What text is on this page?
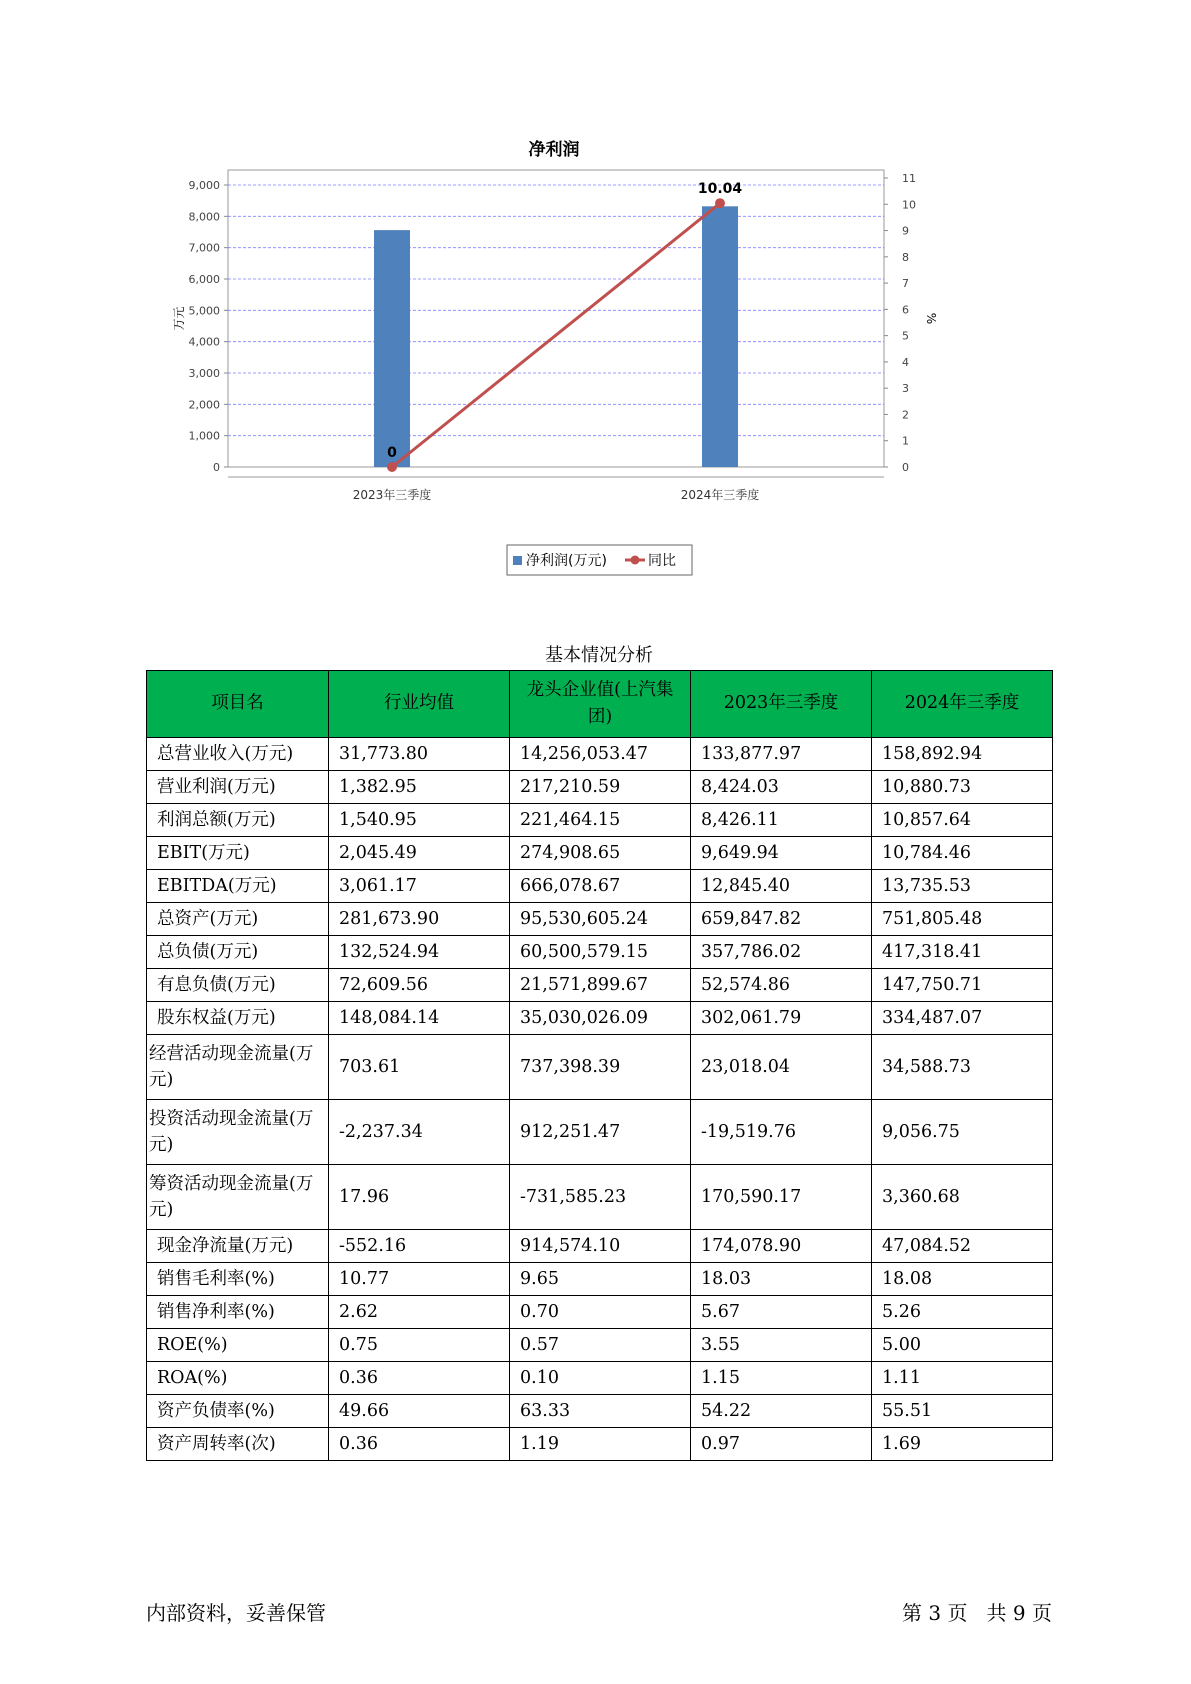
净利润
0
1,000
2,000
3,000
4,000
5,000
6,000
7,000
8,000
9,000
0
1
2
3
4
5
6
7
8
9
10
11
万元	%
2023年三季度	2024年三季度
0
10.04
净利润(万元)	同比
基本情况分析
项目名	行业均值	龙头企业值(上汽集团)	2023年三季度	2024年三季度
总营业收入(万元)	31,773.80	14,256,053.47	133,877.97	158,892.94
营业利润(万元)	1,382.95	217,210.59	8,424.03	10,880.73
利润总额(万元)	1,540.95	221,464.15	8,426.11	10,857.64
EBIT(万元)	2,045.49	274,908.65	9,649.94	10,784.46
EBITDA(万元)	3,061.17	666,078.67	12,845.40	13,735.53
总资产(万元)	281,673.90	95,530,605.24	659,847.82	751,805.48
总负债(万元)	132,524.94	60,500,579.15	357,786.02	417,318.41
有息负债(万元)	72,609.56	21,571,899.67	52,574.86	147,750.71
股东权益(万元)	148,084.14	35,030,026.09	302,061.79	334,487.07
经营活动现金流量(万元)	703.61	737,398.39	23,018.04	34,588.73
投资活动现金流量(万元)	-2,237.34	912,251.47	-19,519.76	9,056.75
筹资活动现金流量(万元)	17.96	-731,585.23	170,590.17	3,360.68
现金净流量(万元)	-552.16	914,574.10	174,078.90	47,084.52
销售毛利率(%)	10.77	9.65	18.03	18.08
销售净利率(%)	2.62	0.70	5.67	5.26
ROE(%)	0.75	0.57	3.55	5.00
ROA(%)	0.36	0.10	1.15	1.11
资产负债率(%)	49.66	63.33	54.22	55.51
资产周转率(次)	0.36	1.19	0.97	1.69
内部资料，妥善保管	第 3 页   共 9 页
